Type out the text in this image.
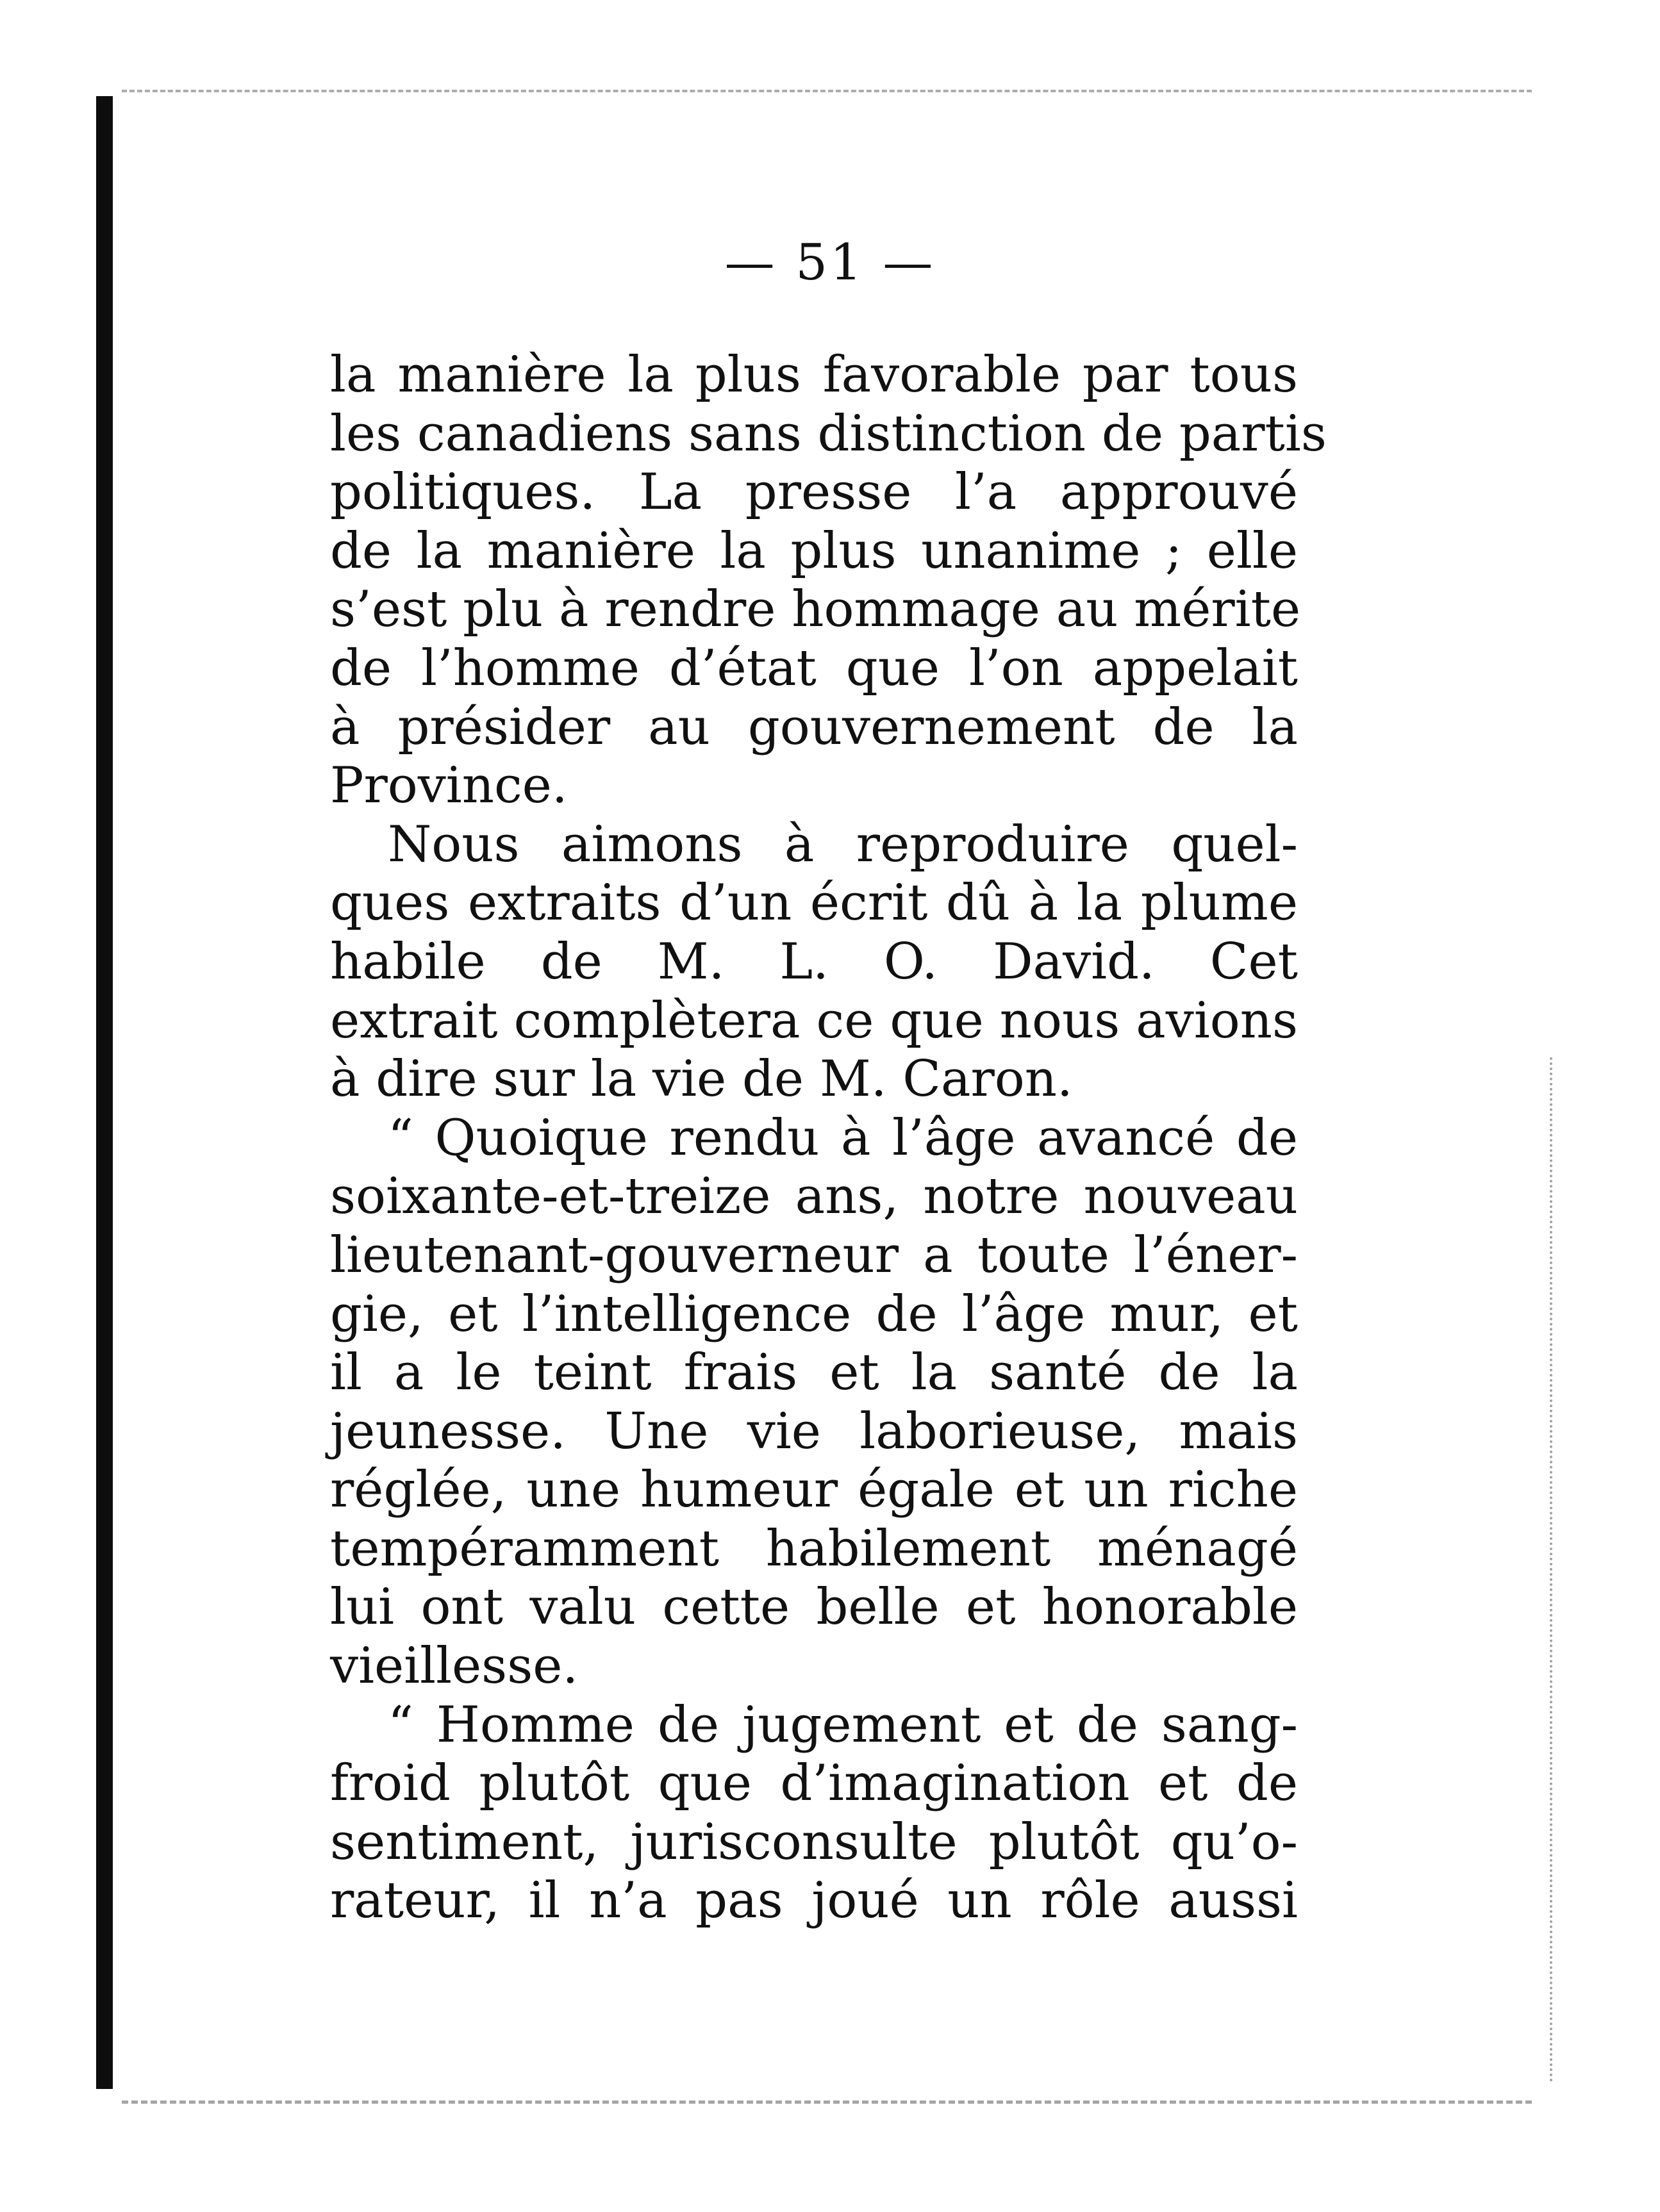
— 51 —
la manière la plus favorable par tous
les canadiens sans distinction de partis
politiques. La presse l’a approuvé
de la manière la plus unanime ; elle
s’est plu à rendre hommage au mérite
de l’homme d’état que l’on appelait
à présider au gouvernement de la
Province.
Nous aimons à reproduire quel-
ques extraits d’un écrit dû à la plume
habile de M. L. O. David. Cet
extrait complètera ce que nous avions
à dire sur la vie de M. Caron.
“ Quoique rendu à l’âge avancé de
soixante-et-treize ans, notre nouveau
lieutenant-gouverneur a toute l’éner-
gie, et l’intelligence de l’âge mur, et
il a le teint frais et la santé de la
jeunesse. Une vie laborieuse, mais
réglée, une humeur égale et un riche
tempéramment habilement ménagé
lui ont valu cette belle et honorable
vieillesse.
“ Homme de jugement et de sang-
froid plutôt que d’imagination et de
sentiment, jurisconsulte plutôt qu’o-
rateur, il n’a pas joué un rôle aussi
